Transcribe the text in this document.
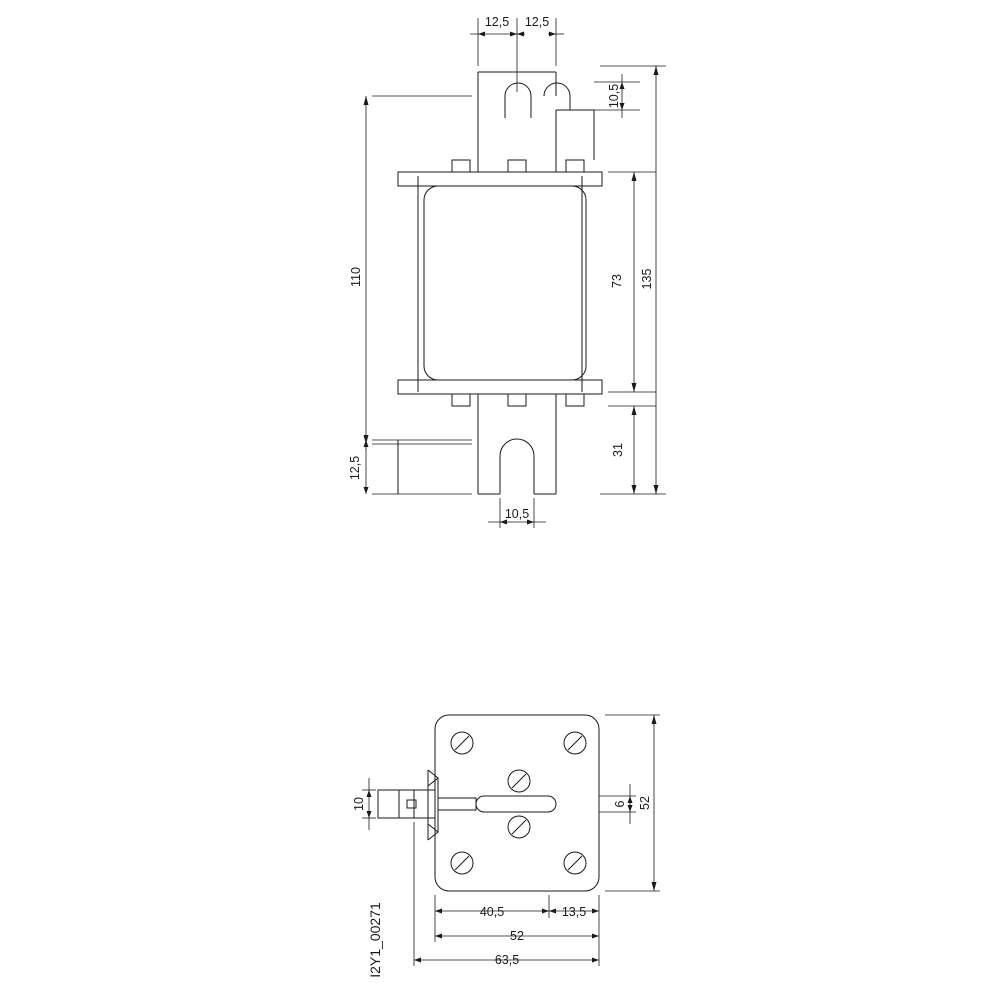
12,5 12,5
10,5
110	73 135
31
12,5
10,5
10	6 52
40,5	13,5
52
63,5
I2Y1_00271
